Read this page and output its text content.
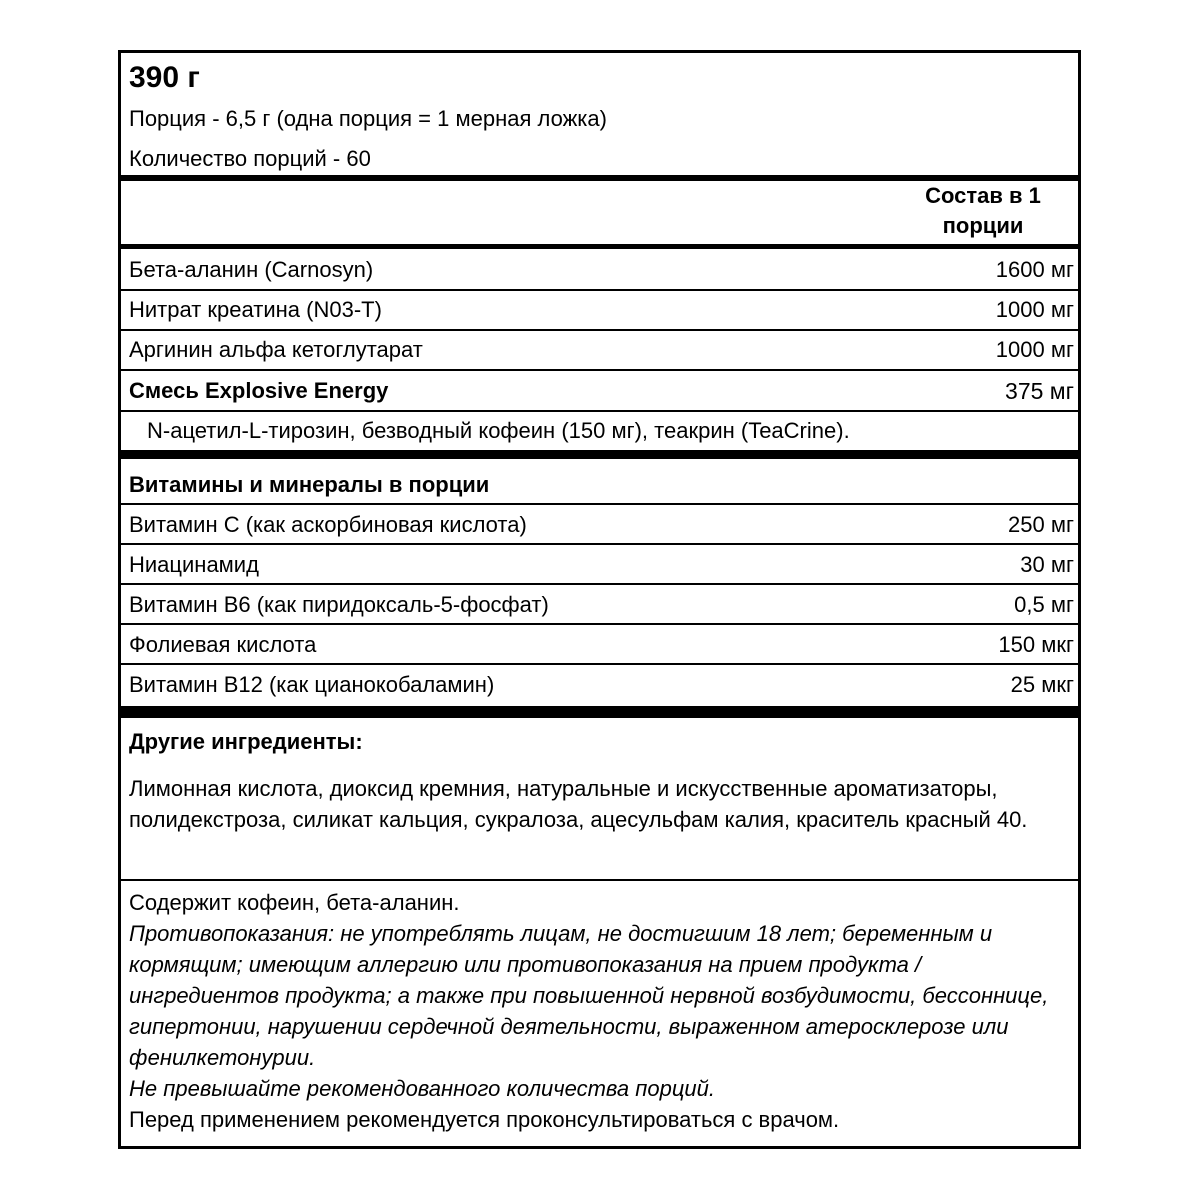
390 г
Порция - 6,5 г (одна порция = 1 мерная ложка)
Количество порций - 60
Состав в 1 порции
Бета-аланин (Carnosyn)	1600 мг
Нитрат креатина (N03-T)	1000 мг
Аргинин альфа кетоглутарат	1000 мг
Смесь Explosive Energy	375 мг
N-ацетил-L-тирозин, безводный кофеин (150 мг), теакрин (TeaCrine).
Витамины и минералы в порции
Витамин С (как аскорбиновая кислота)	250 мг
Ниацинамид	30 мг
Витамин В6 (как пиридоксаль-5-фосфат)	0,5 мг
Фолиевая кислота	150 мкг
Витамин В12 (как цианокобаламин)	25 мкг
Другие ингредиенты:
Лимонная кислота, диоксид кремния, натуральные и искусственные ароматизаторы, полидекстроза, силикат кальция, сукралоза, ацесульфам калия, краситель красный 40.

Содержит кофеин, бета-аланин.

Противопоказания: не употреблять лицам, не достигшим 18 лет; беременным и кормящим; имеющим аллергию или противопоказания на прием продукта / ингредиентов продукта; а также при повышенной нервной возбудимости, бессоннице, гипертонии, нарушении сердечной деятельности, выраженном атеросклерозе или фенилкетонурии.

Не превышайте рекомендованного количества порций.

Перед применением рекомендуется проконсультироваться с врачом.
